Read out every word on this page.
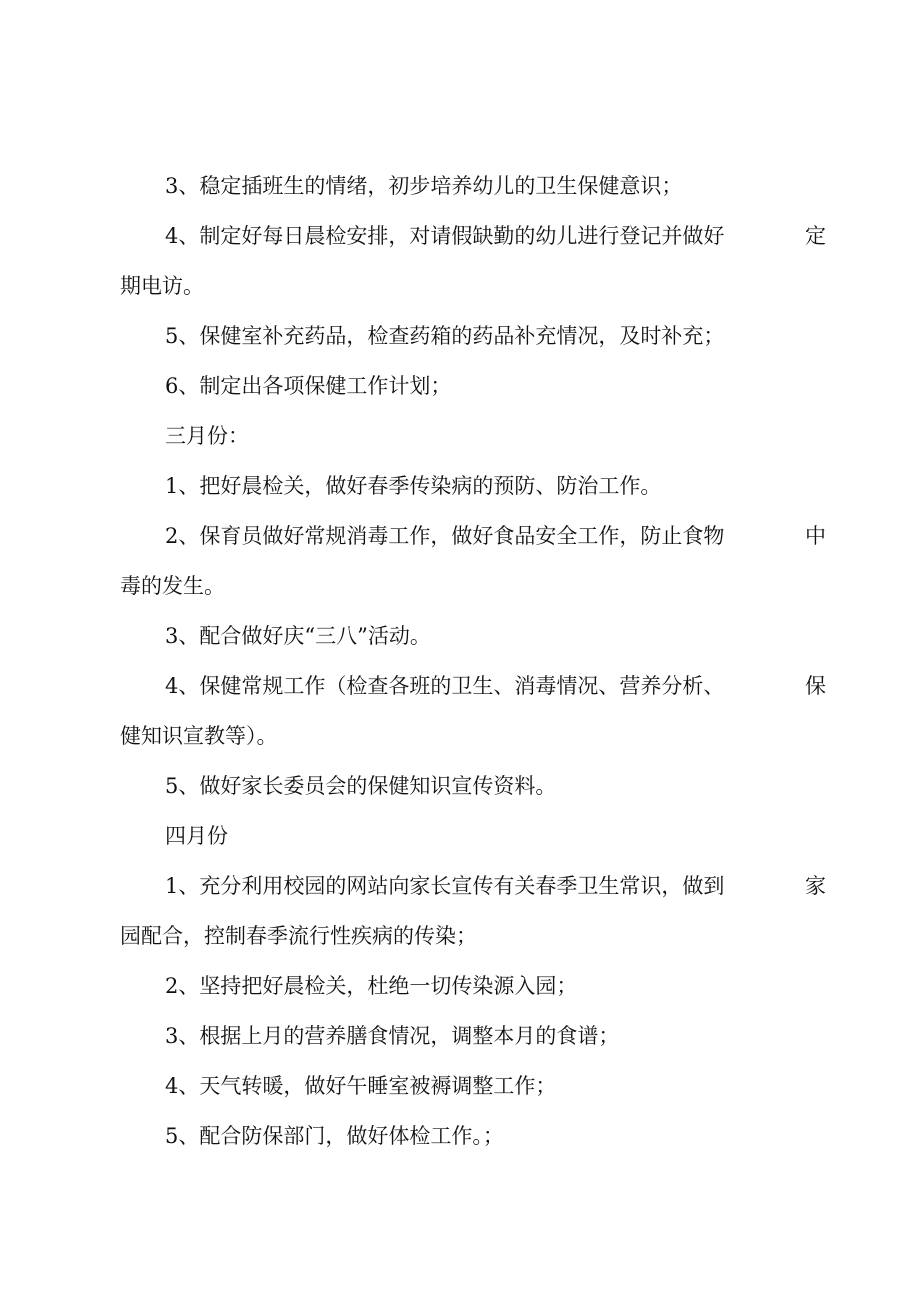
3、稳定插班生的情绪，初步培养幼儿的卫生保健意识；
4、制定好每日晨检安排，对请假缺勤的幼儿进行登记并做好	定
期电访。
5、保健室补充药品，检查药箱的药品补充情况，及时补充；
6、制定出各项保健工作计划；
三月份：
1、把好晨检关，做好春季传染病的预防、防治工作。
2、保育员做好常规消毒工作，做好食品安全工作，防止食物	中
毒的发生。
3、配合做好庆“三八”活动。
4、保健常规工作（检查各班的卫生、消毒情况、营养分析、	保
健知识宣教等）。
5、做好家长委员会的保健知识宣传资料。
四月份
1、充分利用校园的网站向家长宣传有关春季卫生常识，做到	家
园配合，控制春季流行性疾病的传染；
2、坚持把好晨检关，杜绝一切传染源入园；
3、根据上月的营养膳食情况，调整本月的食谱；
4、天气转暖，做好午睡室被褥调整工作；
5、配合防保部门，做好体检工作。；
